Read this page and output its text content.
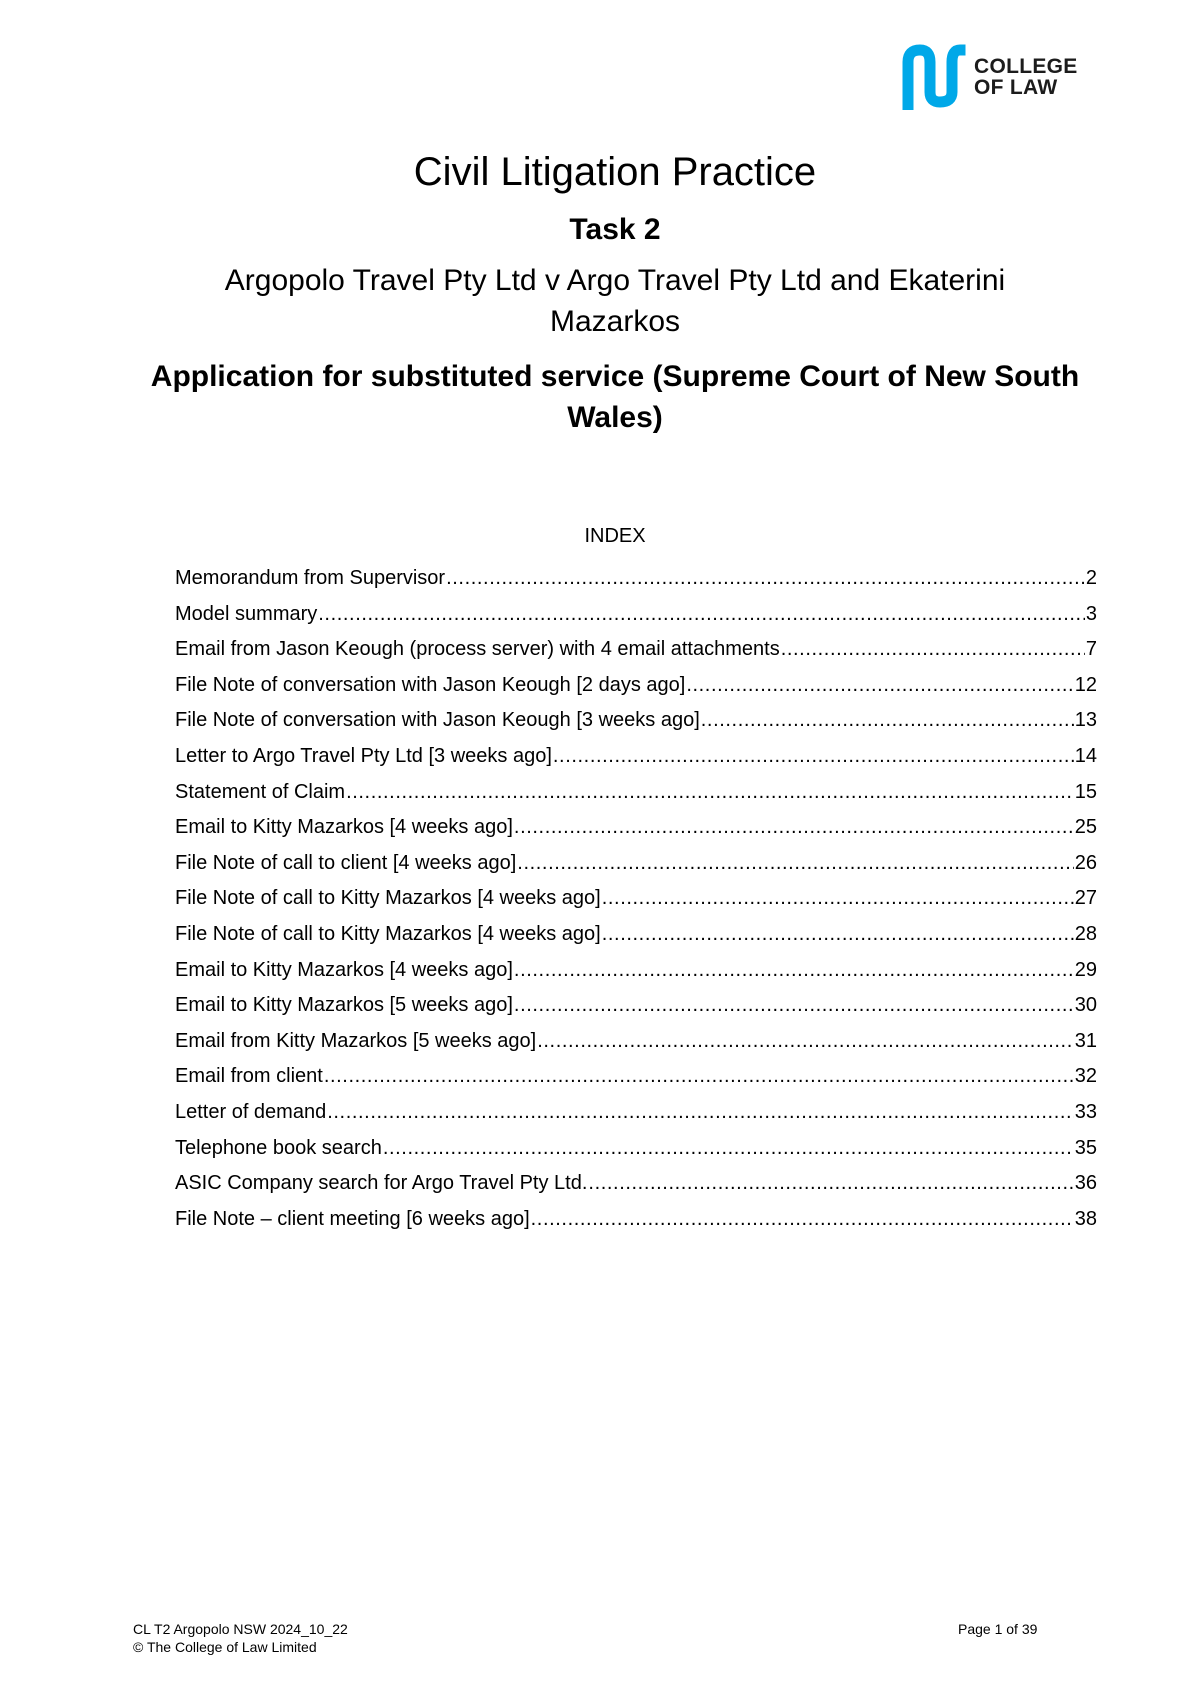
COLLEGE
OF LAW
Civil Litigation Practice
Task 2
Argopolo Travel Pty Ltd v Argo Travel Pty Ltd and Ekaterini Mazarkos
Application for substituted service (Supreme Court of New South Wales)
INDEX
Memorandum from Supervisor .....	2
Model summary .....	3
Email from Jason Keough (process server) with 4 email attachments .....	7
File Note of conversation with Jason Keough [2 days ago] .....	12
File Note of conversation with Jason Keough [3 weeks ago] .....	13
Letter to Argo Travel Pty Ltd [3 weeks ago] .....	14
Statement of Claim .....	15
Email to Kitty Mazarkos [4 weeks ago] .....	25
File Note of call to client [4 weeks ago] .....	26
File Note of call to Kitty Mazarkos [4 weeks ago] .....	27
File Note of call to Kitty Mazarkos [4 weeks ago] .....	28
Email to Kitty Mazarkos [4 weeks ago] .....	29
Email to Kitty Mazarkos [5 weeks ago] .....	30
Email from Kitty Mazarkos [5 weeks ago] .....	31
Email from client .....	32
Letter of demand .....	33
Telephone book search .....	35
ASIC Company search for Argo Travel Pty Ltd. .....	36
File Note – client meeting [6 weeks ago] .....	38
CL T2 Argopolo NSW 2024_10_22
© The College of Law Limited
Page 1 of 39
